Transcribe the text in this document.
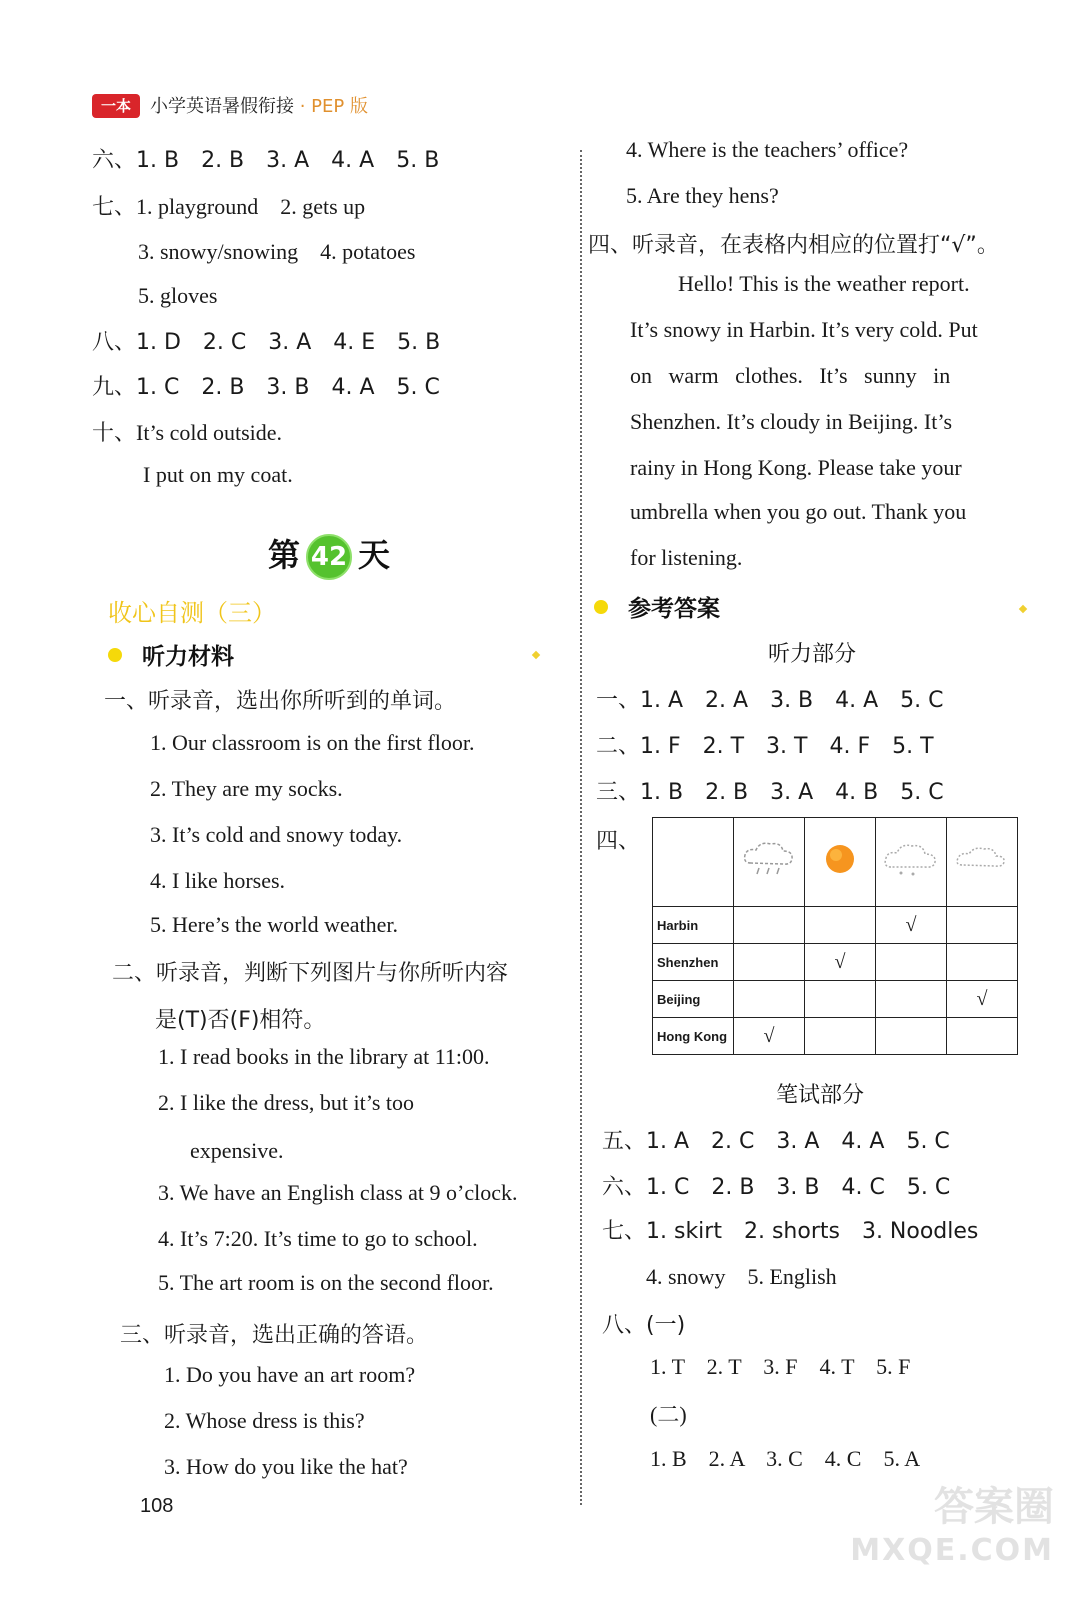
一本	小学英语暑假衔接 · PEP 版
六、1. B　2. B　3. A　4. A　5. B
七、1. playground　2. gets up
3. snowy/snowing　4. potatoes
5. gloves
八、1. D　2. C　3. A　4. E　5. B
九、1. C　2. B　3. B　4. A　5. C
十、It’s cold outside.
I put on my coat.
第 42 天
收心自测（三）
听力材料
一、听录音，选出你所听到的单词。
1. Our classroom is on the first floor.
2. They are my socks.
3. It’s cold and snowy today.
4. I like horses.
5. Here’s the world weather.
二、听录音，判断下列图片与你所听内容
是(T)否(F)相符。
1. I read books in the library at 11:00.
2. I like the dress, but it’s too
expensive.
3. We have an English class at 9 o’clock.
4. It’s 7:20. It’s time to go to school.
5. The art room is on the second floor.
三、听录音，选出正确的答语。
1. Do you have an art room?
2. Whose dress is this?
3. How do you like the hat?
4. Where is the teachers’ office?
5. Are they hens?
四、听录音，在表格内相应的位置打“√”。
Hello! This is the weather report.
It’s snowy in Harbin. It’s very cold. Put
on   warm   clothes.   It’s   sunny   in
Shenzhen. It’s cloudy in Beijing. It’s
rainy in Hong Kong. Please take your
umbrella when you go out. Thank you
for listening.
参考答案
听力部分
一、1. A　2. A　3. B　4. A　5. C
二、1. F　2. T　3. T　4. F　5. T
三、1. B　2. B　3. A　4. B　5. C
四、

Harbin			√	
Shenzhen		√		
Beijing				√
Hong Kong	√			
笔试部分
五、1. A　2. C　3. A　4. A　5. C
六、1. C　2. B　3. B　4. C　5. C
七、1. skirt　2. shorts　3. Noodles
4. snowy　5. English
八、(一)
1. T　2. T　3. F　4. T　5. F
(二)
1. B　2. A　3. C　4. C　5. A
108	答案圈
MXQE.COM
